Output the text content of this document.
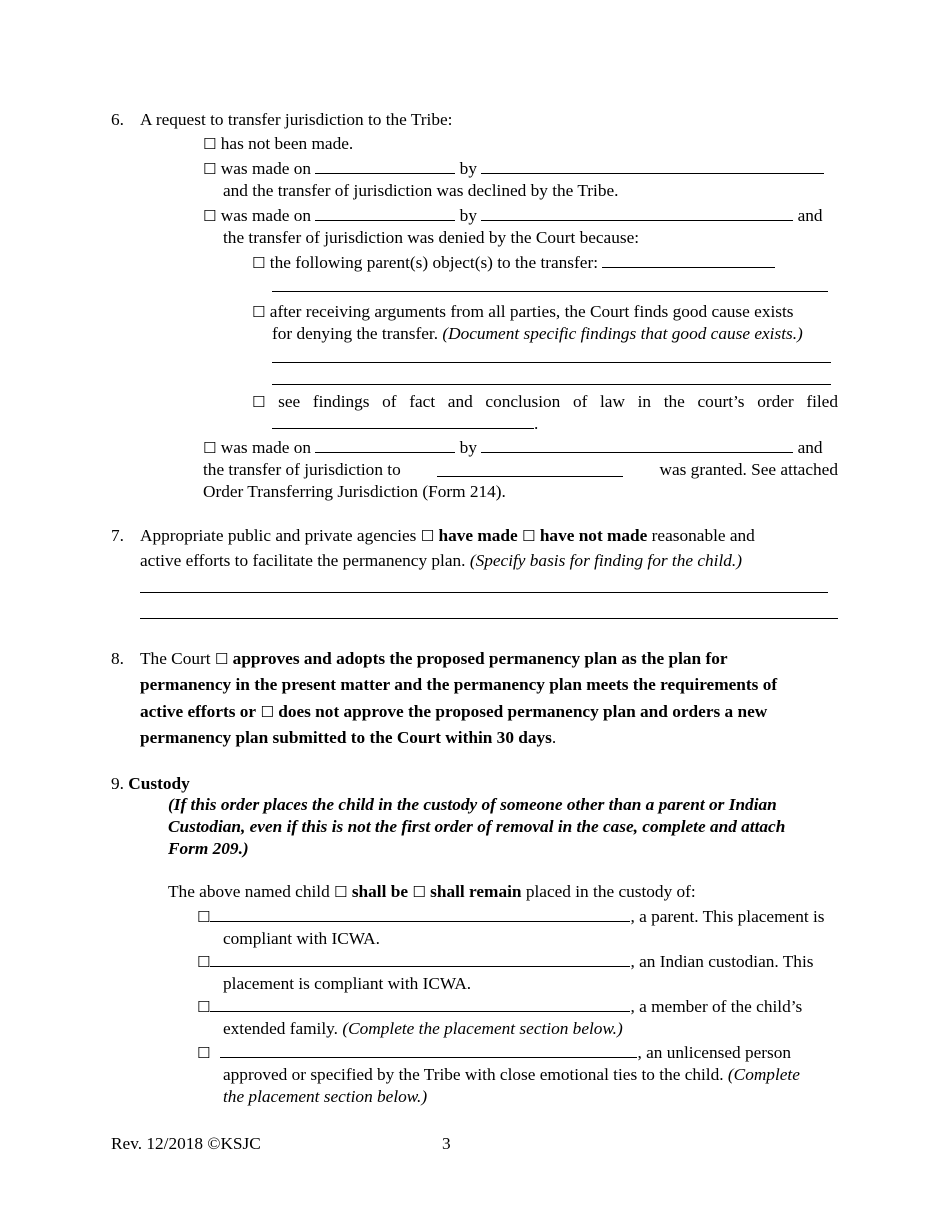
6. A request to transfer jurisdiction to the Tribe:
☐ has not been made.
☐ was made on	by
and the transfer of jurisdiction was declined by the Tribe.
☐ was made on	by	and
the transfer of jurisdiction was denied by the Court because:
☐ the following parent(s) object(s) to the transfer:
☐ after receiving arguments from all parties, the Court finds good cause exists
for denying the transfer. (Document specific findings that good cause exists.)
☐ see findings of fact and conclusion of law in the court’s order filed
.
☐ was made on	by	and
the transfer of jurisdiction to	was granted. See attached
Order Transferring Jurisdiction (Form 214).
7. Appropriate public and private agencies ☐ have made ☐ have not made reasonable and
active efforts to facilitate the permanency plan. (Specify basis for finding for the child.)
8. The Court ☐ approves and adopts the proposed permanency plan as the plan for
permanency in the present matter and the permanency plan meets the requirements of
active efforts or ☐ does not approve the proposed permanency plan and orders a new
permanency plan submitted to the Court within 30 days.
9. Custody
(If this order places the child in the custody of someone other than a parent or Indian
Custodian, even if this is not the first order of removal in the case, complete and attach
Form 209.)
The above named child ☐ shall be ☐ shall remain placed in the custody of:
☐	, a parent. This placement is
compliant with ICWA.
☐	, an Indian custodian. This
placement is compliant with ICWA.
☐	, a member of the child’s
extended family. (Complete the placement section below.)
☐	, an unlicensed person
approved or specified by the Tribe with close emotional ties to the child. (Complete
the placement section below.)
Rev. 12/2018 ©KSJC	3
